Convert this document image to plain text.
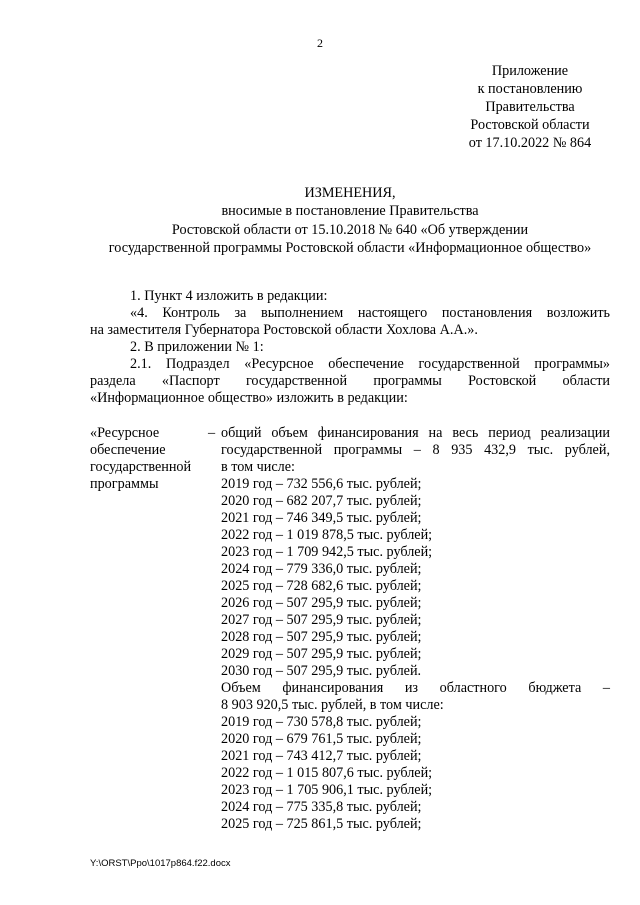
2
Приложение
к постановлению
Правительства
Ростовской области
от 17.10.2022 № 864
ИЗМЕНЕНИЯ,
вносимые в постановление Правительства
Ростовской области от 15.10.2018 № 640 «Об утверждении
государственной программы Ростовской области «Информационное общество»
1. Пункт 4 изложить в редакции:
«4. Контроль за выполнением настоящего постановления возложить
на заместителя Губернатора Ростовской области Хохлова А.А.».
2. В приложении № 1:
2.1. Подраздел «Ресурсное обеспечение государственной программы»
раздела «Паспорт государственной программы Ростовской области
«Информационное общество» изложить в редакции:
«Ресурсное
обеспечение
государственной
программы
– общий объем финансирования на весь период реализации
государственной программы – 8 935 432,9 тыс. рублей,
в том числе:
2019 год – 732 556,6 тыс. рублей;
2020 год – 682 207,7 тыс. рублей;
2021 год – 746 349,5 тыс. рублей;
2022 год – 1 019 878,5 тыс. рублей;
2023 год – 1 709 942,5 тыс. рублей;
2024 год – 779 336,0 тыс. рублей;
2025 год – 728 682,6 тыс. рублей;
2026 год – 507 295,9 тыс. рублей;
2027 год – 507 295,9 тыс. рублей;
2028 год – 507 295,9 тыс. рублей;
2029 год – 507 295,9 тыс. рублей;
2030 год – 507 295,9 тыс. рублей.
Объем финансирования из областного бюджета –
8 903 920,5 тыс. рублей, в том числе:
2019 год – 730 578,8 тыс. рублей;
2020 год – 679 761,5 тыс. рублей;
2021 год – 743 412,7 тыс. рублей;
2022 год – 1 015 807,6 тыс. рублей;
2023 год – 1 705 906,1 тыс. рублей;
2024 год – 775 335,8 тыс. рублей;
2025 год – 725 861,5 тыс. рублей;
Y:\ORST\Ppo\1017p864.f22.docx
